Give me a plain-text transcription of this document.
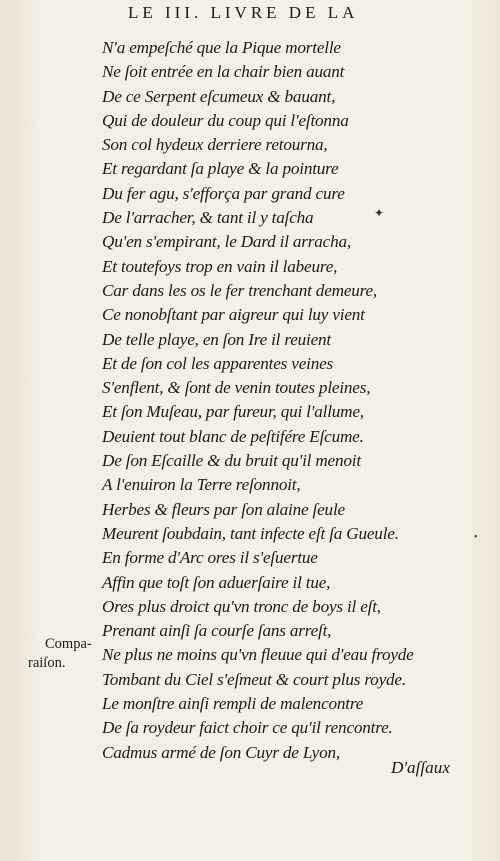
LE III. LIVRE DE LA
N'a empeſché que la Pique mortelle
Ne ſoit entrée en la chair bien auant
De ce Serpent eſcumeux & bauant,
Qui de douleur du coup qui l'eſtonna
Son col hydeux derriere retourna,
Et regardant ſa playe & la pointure
Du fer agu, s'efforça par grand cure
De l'arracher, & tant il y taſcha
Qu'en s'empirant, le Dard il arracha,
Et toutefoys trop en vain il labeure,
Car dans les os le fer trenchant demeure,
Ce nonobſtant par aigreur qui luy vient
De telle playe, en ſon Ire il reuient
Et de ſon col les apparentes veines
S'enflent, & ſont de venin toutes pleines,
Et ſon Muſeau, par fureur, qui l'allume,
Deuient tout blanc de peſtifére Eſcume.
De ſon Eſcaille & du bruit qu'il menoit
A l'enuiron la Terre reſonnoit,
Herbes & fleurs par ſon alaine ſeule
Meurent ſoubdain, tant infecte eſt ſa Gueule.
En forme d'Arc ores il s'eſuertue
Affin que toſt ſon aduerſaire il tue,
Ores plus droict qu'vn tronc de boys il eſt,
Prenant ainſi ſa courſe ſans arreſt,
Ne plus ne moins qu'vn fleuue qui d'eau froyde
Tombant du Ciel s'eſmeut & court plus royde.
Le monſtre ainſi rempli de malencontre
De ſa roydeur faict choir ce qu'il rencontre.
Cadmus armé de ſon Cuyr de Lyon,
Compa-
raiſon.
✦
•
D'aſſaux
